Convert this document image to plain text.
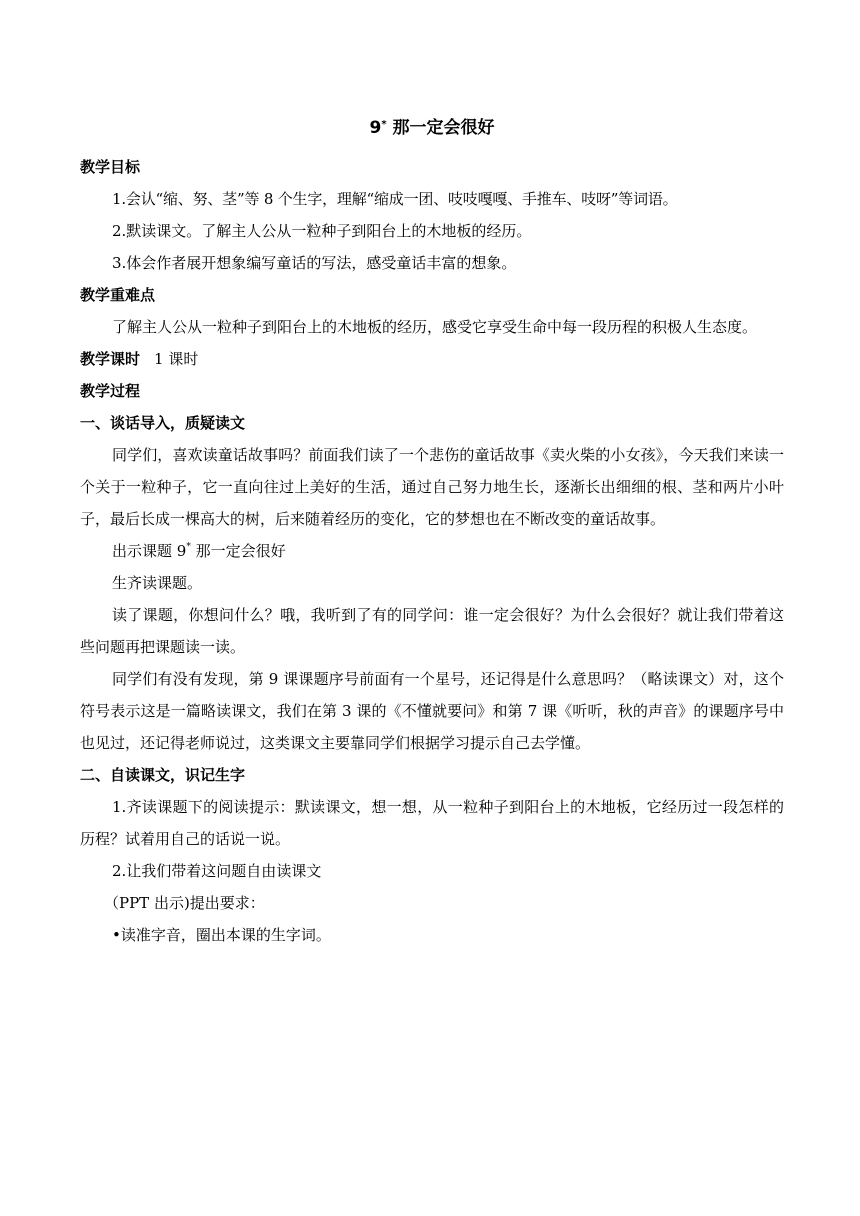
9* 那一定会很好

教学目标

1.会认“缩、努、茎”等 8 个生字，理解“缩成一团、吱吱嘎嘎、手推车、吱呀”等词语。

2.默读课文。了解主人公从一粒种子到阳台上的木地板的经历。

3.体会作者展开想象编写童话的写法，感受童话丰富的想象。

教学重难点

了解主人公从一粒种子到阳台上的木地板的经历，感受它享受生命中每一段历程的积极人生态度。

教学课时 1 课时

教学过程

一、谈话导入，质疑读文

同学们，喜欢读童话故事吗？前面我们读了一个悲伤的童话故事《卖火柴的小女孩》，今天我们来读一个关于一粒种子，它一直向往过上美好的生活，通过自己努力地生长，逐渐长出细细的根、茎和两片小叶子，最后长成一棵高大的树，后来随着经历的变化，它的梦想也在不断改变的童话故事。

出示课题 9* 那一定会很好

生齐读课题。

读了课题，你想问什么？哦，我听到了有的同学问：谁一定会很好？为什么会很好？就让我们带着这些问题再把课题读一读。

同学们有没有发现，第 9 课课题序号前面有一个星号，还记得是什么意思吗？（略读课文）对，这个符号表示这是一篇略读课文，我们在第 3 课的《不懂就要问》和第 7 课《听听，秋的声音》的课题序号中也见过，还记得老师说过，这类课文主要靠同学们根据学习提示自己去学懂。

二、自读课文，识记生字

1.齐读课题下的阅读提示：默读课文，想一想，从一粒种子到阳台上的木地板，它经历过一段怎样的历程？试着用自己的话说一说。

2.让我们带着这问题自由读课文

（PPT 出示)提出要求：

•读准字音，圈出本课的生字词。
